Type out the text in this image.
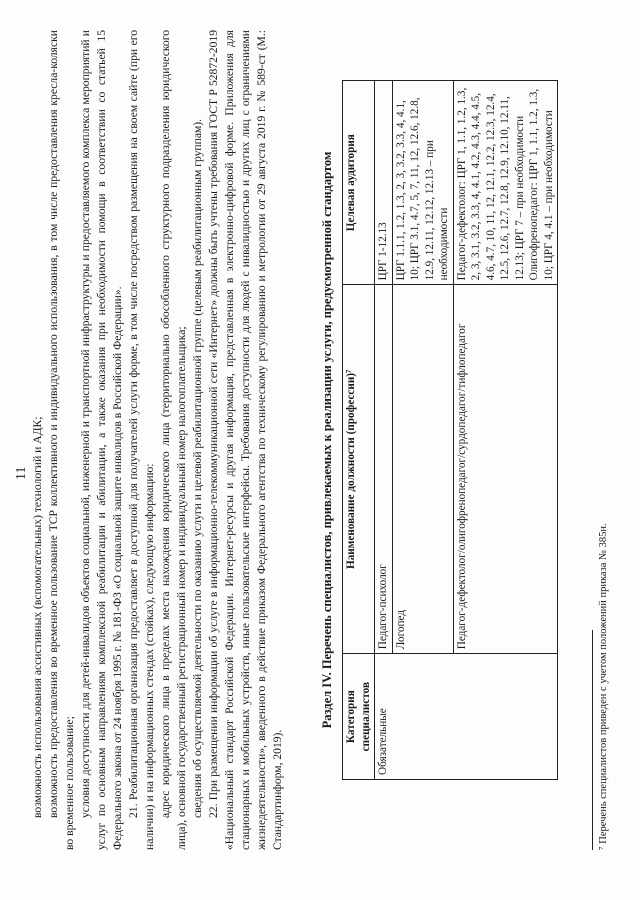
11 возможность использования ассистивных (вспомогательных) технологий и АДК; возможность предоставления во временное пользование ТСР коллективного и индивидуального использования, в том числе предоставления кресла-коляски во временное пользование; условия доступности для детей-инвалидов объектов социальной, инженерной и транспортной инфраструктуры и предоставляемого комплекса мероприятий и услуг по основным направлениям комплексной реабилитации и абилитации, а также оказания при необходимости помощи в соответствии со статьей 15 Федерального закона от 24 ноября 1995 г. № 181-ФЗ «О социальной защите инвалидов в Российской Федерации». 21. Реабилитационная организация предоставляет в доступной для получателей услуги форме, в том числе посредством размещения на своем сайте (при его наличии) и на информационных стендах (стойках), следующую информацию: адрес юридического лица в пределах места нахождения юридического лица (территориально обособленного структурного подразделения юридического лица), основной государственный регистрационный номер и индивидуальный номер налогоплательщика; сведения об осуществляемой деятельности по оказанию услуги и целевой реабилитационной группе (целевым реабилитационным группам). 22. При размещении информации об услуге в информационно-телекоммуникационной сети «Интернет» должны быть учтены требования ГОСТ Р 52872-2019 «Национальный стандарт Российской Федерации. Интернет-ресурсы и другая информация, представленная в электронно-цифровой форме. Приложения для стационарных и мобильных устройств, иные пользовательские интерфейсы. Требования доступности для людей с инвалидностью и других лиц с ограничениями жизнедеятельности», введенного в действие приказом Федерального агентства по техническому регулированию и метрологии от 29 августа 2019 г. № 589-ст (М.: Стандартинформ, 2019).

Раздел IV. Перечень специалистов, привлекаемых к реализации услуги, предусмотренной стандартом Категория специалистов	Наименование должности (профессии)⁷	Целевая аудитория
Обязательные	Педагог-психолог	ЦРГ 1-12.13
	Логопед	ЦРГ 1.1.1, 1.2, 1.3, 2, 3, 3.2, 3.3, 4, 4.1, 10; ЦРГ 3.1, 4.7, 5, 7, 11, 12, 12.6, 12.8, 12.9, 12.11, 12.12, 12.13 – при необходимости
	Педагог-дефектолог/олигофренопедагог/сурдопедагог/тифлопедагог	Педагог-дефектолог: ЦРГ 1, 1.1, 1.2, 1.3, 2, 3, 3.1, 3.2, 3.3, 4, 4.1, 4.2, 4.3, 4.4, 4.5, 4.6, 4.7, 10, 11, 12, 12.1, 12.2, 12.3, 12.4, 12.5, 12.6, 12.7, 12.8, 12.9, 12.10, 12.11, 12.13; ЦРГ 7 – при необходимости
Олигофренопедагог: ЦРГ 1, 1.1, 1.2, 1.3, 10; ЦРГ 4, 4.1 – при необходимости
⁷ Перечень специалистов приведен с учетом положений приказа № 385н.
